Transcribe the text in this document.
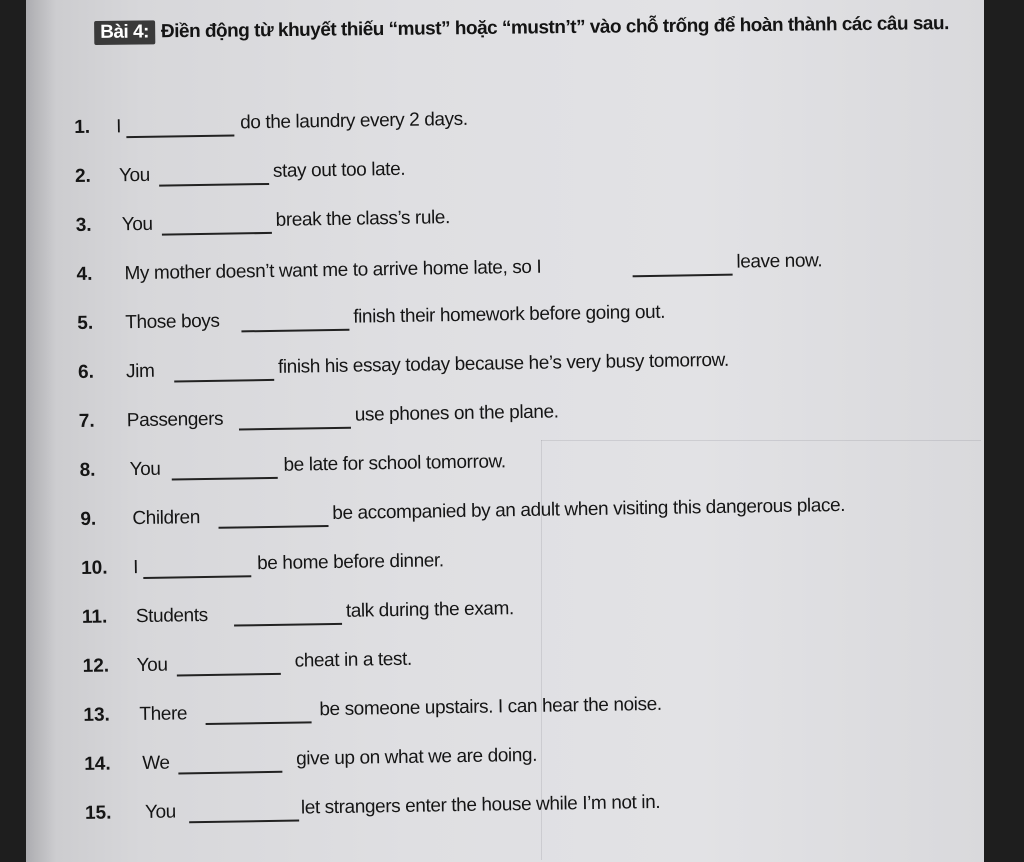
Bài 4: Điền động từ khuyết thiếu “must” hoặc “mustn’t” vào chỗ trống để hoàn thành các câu sau.
1. I	do the laundry every 2 days.
2. You	stay out too late.
3. You	break the class’s rule.
4. My mother doesn’t want me to arrive home late, so I	leave now.
5. Those boys	finish their homework before going out.
6. Jim	finish his essay today because he’s very busy tomorrow.
7. Passengers	use phones on the plane.
8. You	be late for school tomorrow.
9. Children	be accompanied by an adult when visiting this dangerous place.
10. I	be home before dinner.
11. Students	talk during the exam.
12. You	cheat in a test.
13. There	be someone upstairs. I can hear the noise.
14. We	give up on what we are doing.
15. You	let strangers enter the house while I’m not in.
